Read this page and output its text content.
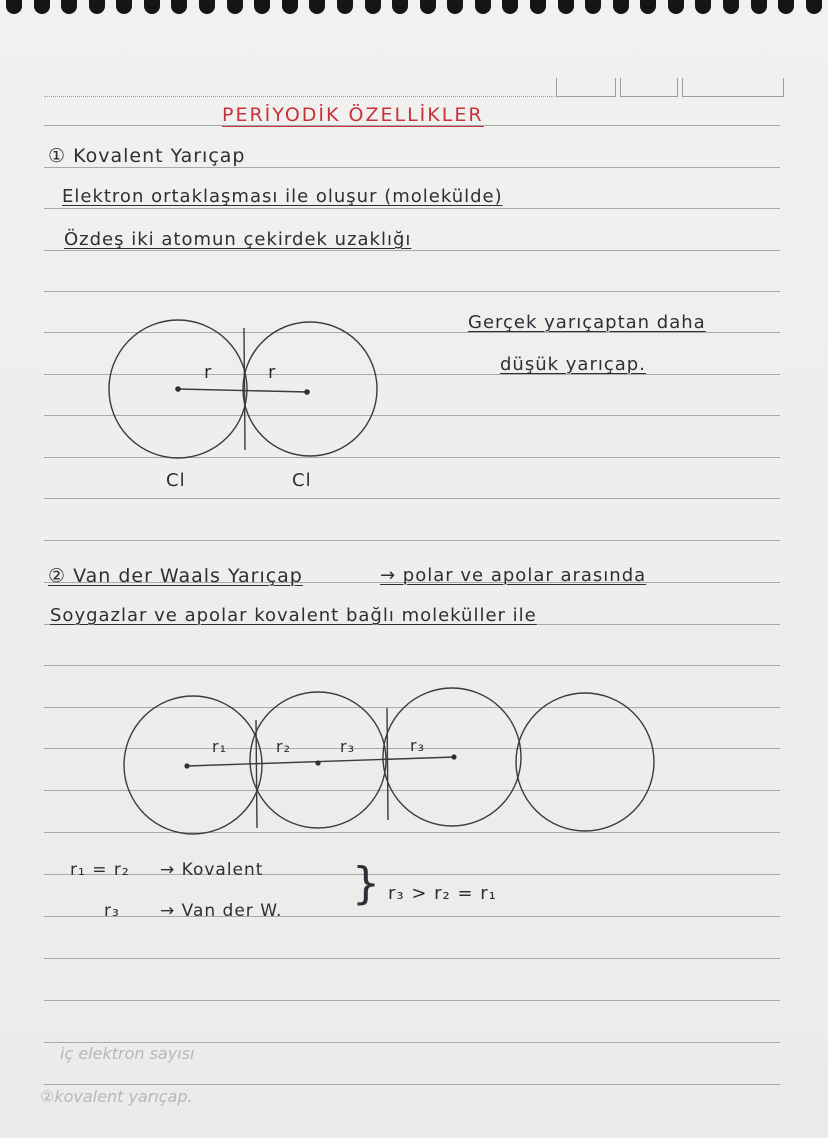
②kovalent yarıçap.
iç elektron sayısı
PERİYODİK ÖZELLİKLER
① Kovalent Yarıçap
Elektron ortaklaşması ile oluşur (molekülde)
Özdeş iki atomun çekirdek uzaklığı
Gerçek yarıçaptan daha
düşük yarıçap.
r	r
Cl	Cl
② Van der Waals Yarıçap	→ polar ve apolar arasında
Soygazlar ve apolar kovalent bağlı moleküller ile
r₁	r₂	r₃	r₃
r₁ = r₂ → Kovalent
r₃ → Van der W.
} r₃ > r₂ = r₁
